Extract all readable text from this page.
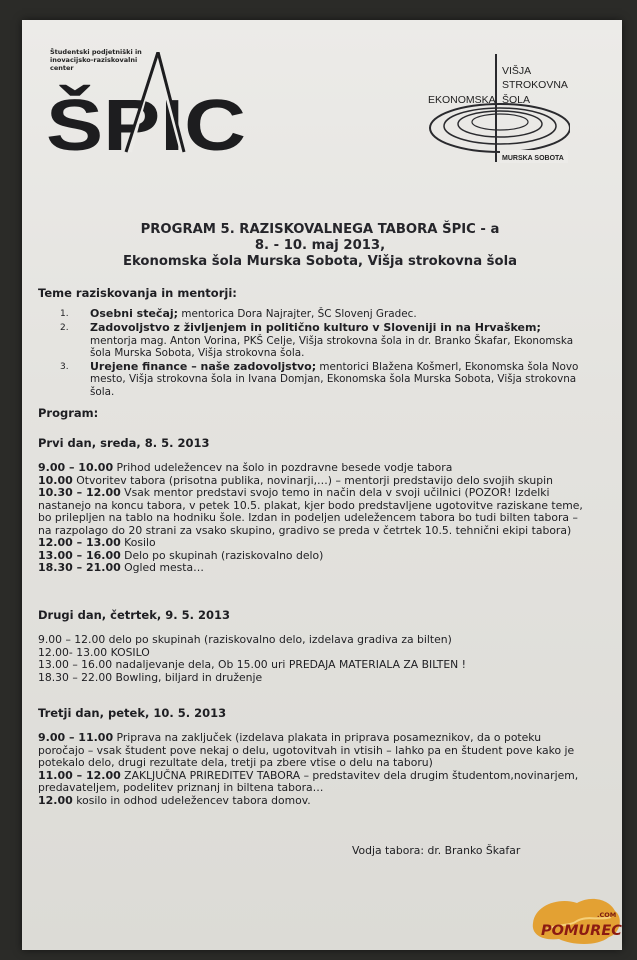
Študentski podjetniški in
inovacijsko-raziskovalni center
ŠPIC
VIŠJA
STROKOVNA
EKONOMSKA ŠOLA
MURSKA SOBOTA
PROGRAM 5. RAZISKOVALNEGA TABORA ŠPIC - a
8. - 10. maj 2013,
Ekonomska šola Murska Sobota, Višja strokovna šola
Teme raziskovanja in mentorji:
1.	Osebni stečaj; mentorica Dora Najrajter, ŠC Slovenj Gradec.
2.	Zadovoljstvo z življenjem in politično kulturo v Sloveniji in na Hrvaškem; mentorja mag. Anton Vorina, PKŠ Celje, Višja strokovna šola in dr. Branko Škafar, Ekonomska šola Murska Sobota, Višja strokovna šola.
3.	Urejene finance – naše zadovoljstvo; mentorici Blažena Košmerl, Ekonomska šola Novo mesto, Višja strokovna šola in Ivana Domjan, Ekonomska šola Murska Sobota, Višja strokovna šola.
Program:
Prvi dan, sreda, 8. 5. 2013
9.00 – 10.00 Prihod udeležencev na šolo in pozdravne besede vodje tabora
10.00 Otvoritev tabora (prisotna publika, novinarji,…) – mentorji predstavijo delo svojih skupin
10.30 – 12.00 Vsak mentor predstavi svojo temo in način dela v svoji učilnici (POZOR! Izdelki nastanejo na koncu tabora, v petek 10.5. plakat, kjer bodo predstavljene ugotovitve raziskane teme, bo prilepljen na tablo na hodniku šole. Izdan in podeljen udeležencem tabora bo tudi bilten tabora – na razpolago do 20 strani za vsako skupino, gradivo se preda v četrtek 10.5. tehnični ekipi tabora)
12.00 – 13.00 Kosilo
13.00 – 16.00 Delo po skupinah (raziskovalno delo)
18.30 – 21.00 Ogled mesta…
Drugi dan, četrtek, 9. 5. 2013
9.00 – 12.00 delo po skupinah (raziskovalno delo, izdelava gradiva za bilten)
12.00- 13.00 KOSILO
13.00 – 16.00 nadaljevanje dela, Ob 15.00 uri PREDAJA MATERIALA ZA BILTEN !
18.30 – 22.00 Bowling, biljard in druženje
Tretji dan, petek, 10. 5. 2013
9.00 – 11.00 Priprava na zaključek (izdelava plakata in priprava posameznikov, da o poteku poročajo – vsak študent pove nekaj o delu, ugotovitvah in vtisih – lahko pa en študent pove kako je potekalo delo, drugi rezultate dela, tretji pa zbere vtise o delu na taboru)
11.00 – 12.00 ZAKLJUČNA PRIREDITEV TABORA – predstavitev dela drugim študentom,novinarjem, predavateljem, podelitev priznanj in biltena tabora…
12.00 kosilo in odhod udeležencev tabora domov.
Vodja tabora: dr. Branko Škafar
POMUREC
.COM
